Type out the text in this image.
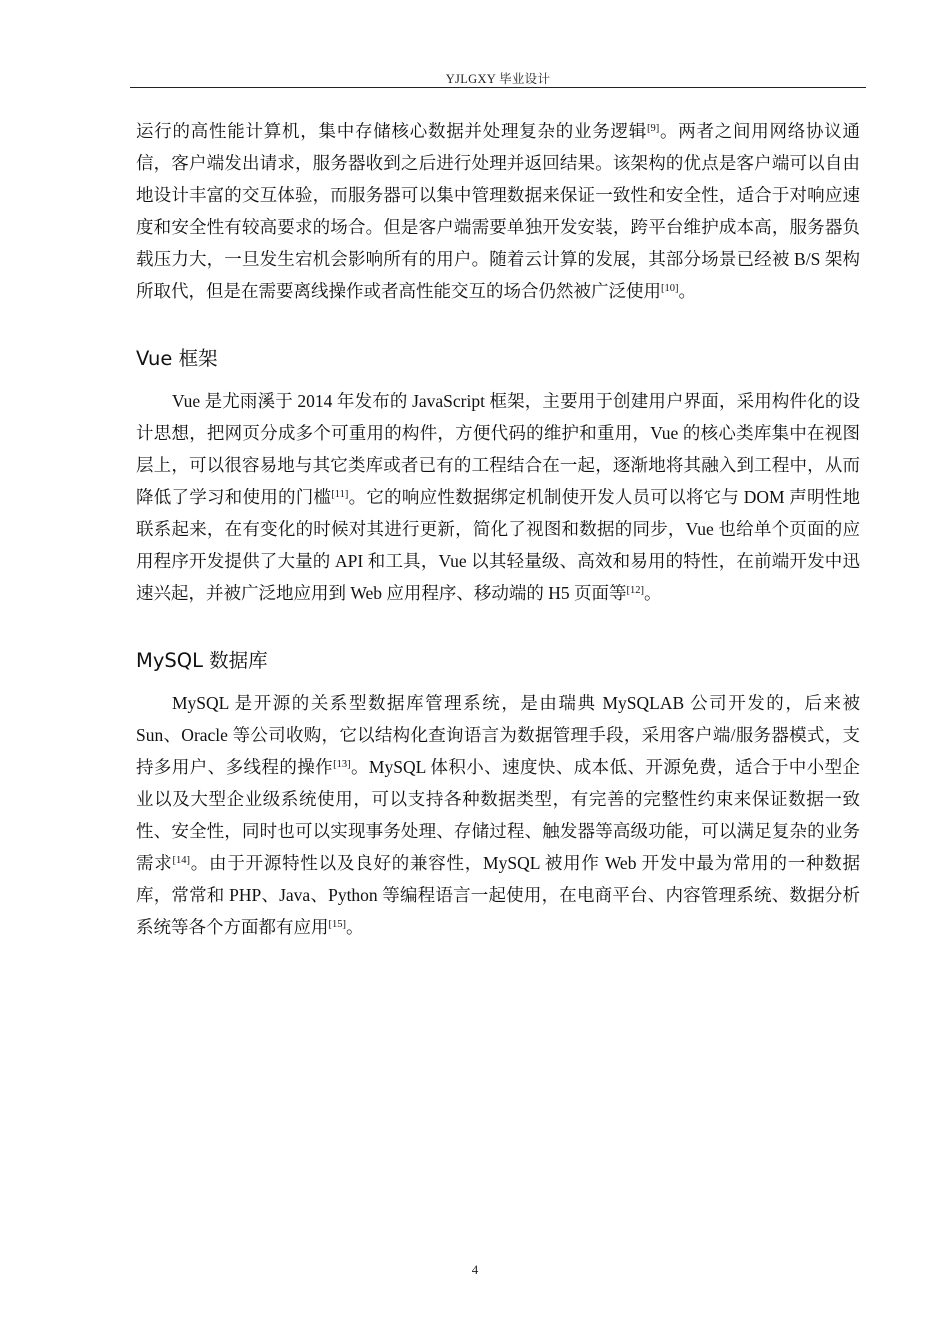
YJLGXY 毕业设计

运行的高性能计算机，集中存储核心数据并处理复杂的业务逻辑[9]。两者之间用网络协议通信，客户端发出请求，服务器收到之后进行处理并返回结果。该架构的优点是客户端可以自由地设计丰富的交互体验，而服务器可以集中管理数据来保证一致性和安全性，适合于对响应速度和安全性有较高要求的场合。但是客户端需要单独开发安装，跨平台维护成本高，服务器负载压力大，一旦发生宕机会影响所有的用户。随着云计算的发展，其部分场景已经被 B/S 架构所取代，但是在需要离线操作或者高性能交互的场合仍然被广泛使用[10]。

Vue 框架

Vue 是尤雨溪于 2014 年发布的 JavaScript 框架，主要用于创建用户界面，采用构件化的设计思想，把网页分成多个可重用的构件，方便代码的维护和重用，Vue 的核心类库集中在视图层上，可以很容易地与其它类库或者已有的工程结合在一起，逐渐地将其融入到工程中，从而降低了学习和使用的门槛[11]。它的响应性数据绑定机制使开发人员可以将它与 DOM 声明性地联系起来，在有变化的时候对其进行更新，简化了视图和数据的同步，Vue 也给单个页面的应用程序开发提供了大量的 API 和工具，Vue 以其轻量级、高效和易用的特性，在前端开发中迅速兴起，并被广泛地应用到 Web 应用程序、移动端的 H5 页面等[12]。

MySQL 数据库

MySQL 是开源的关系型数据库管理系统，是由瑞典 MySQLAB 公司开发的，后来被 Sun、Oracle 等公司收购，它以结构化查询语言为数据管理手段，采用客户端/服务器模式，支持多用户、多线程的操作[13]。MySQL 体积小、速度快、成本低、开源免费，适合于中小型企业以及大型企业级系统使用，可以支持各种数据类型，有完善的完整性约束来保证数据一致性、安全性，同时也可以实现事务处理、存储过程、触发器等高级功能，可以满足复杂的业务需求[14]。由于开源特性以及良好的兼容性，MySQL 被用作 Web 开发中最为常用的一种数据库，常常和 PHP、Java、Python 等编程语言一起使用，在电商平台、内容管理系统、数据分析系统等各个方面都有应用[15]。

4
